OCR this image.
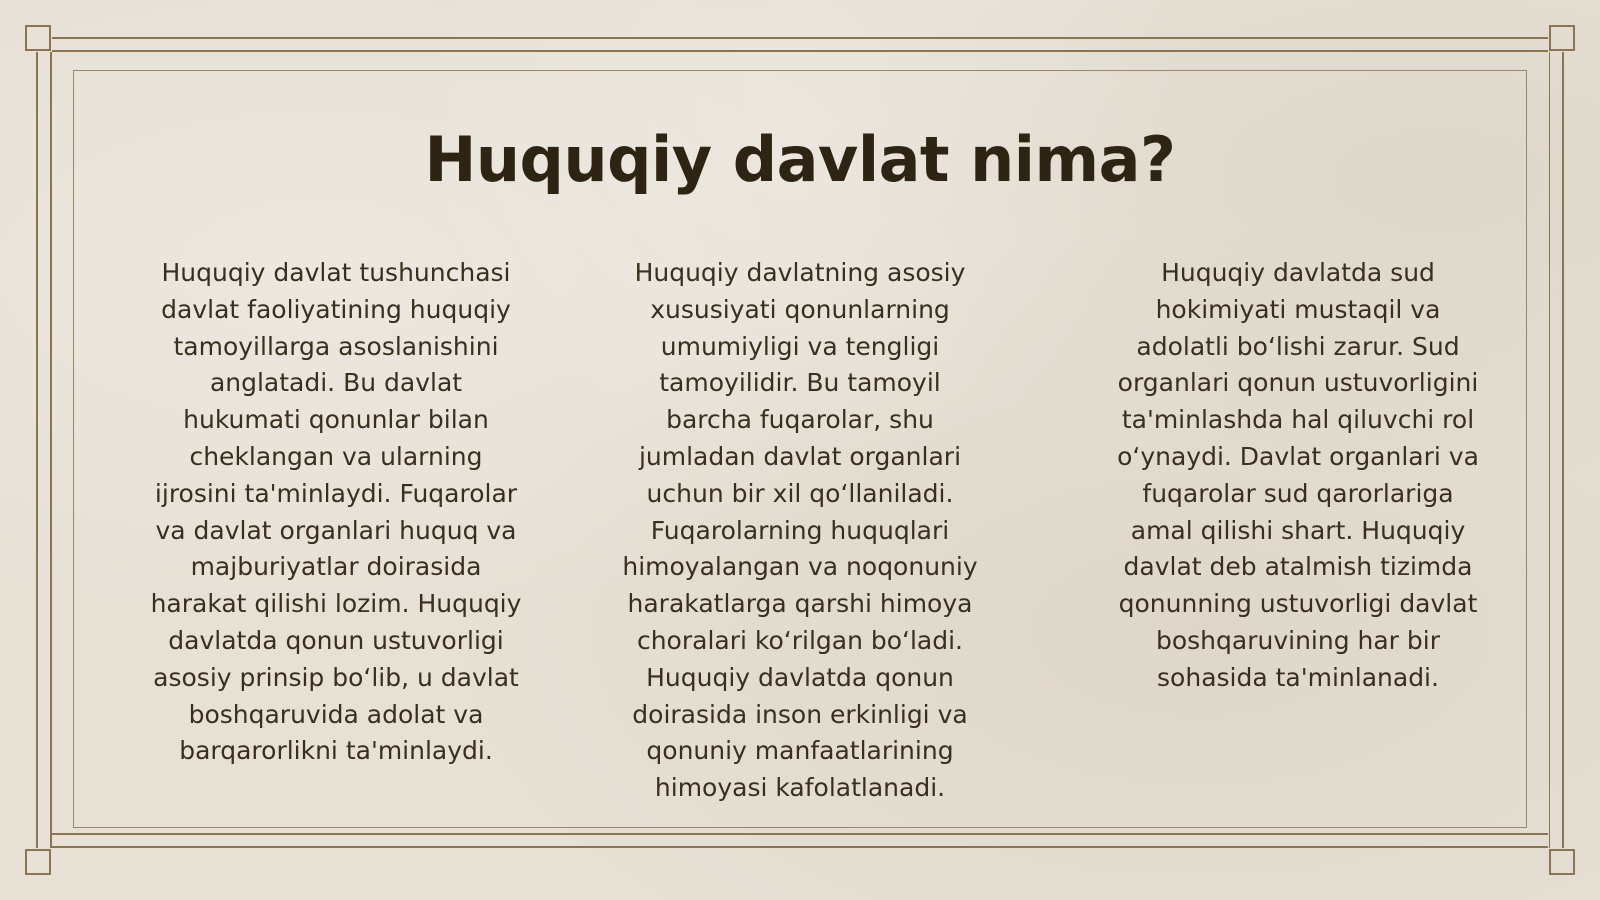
Huquqiy davlat nima?

Huquqiy davlat tushunchasi davlat faoliyatining huquqiy tamoyillarga asoslanishini anglatadi. Bu davlat hukumati qonunlar bilan cheklangan va ularning ijrosini ta'minlaydi. Fuqarolar va davlat organlari huquq va majburiyatlar doirasida harakat qilishi lozim. Huquqiy davlatda qonun ustuvorligi asosiy prinsip boʻlib, u davlat boshqaruvida adolat va barqarorlikni ta'minlaydi.

Huquqiy davlatning asosiy xususiyati qonunlarning umumiyligi va tengligi tamoyilidir. Bu tamoyil barcha fuqarolar, shu jumladan davlat organlari uchun bir xil qoʻllaniladi. Fuqarolarning huquqlari himoyalangan va noqonuniy harakatlarga qarshi himoya choralari koʻrilgan boʻladi. Huquqiy davlatda qonun doirasida inson erkinligi va qonuniy manfaatlarining himoyasi kafolatlanadi.

Huquqiy davlatda sud hokimiyati mustaqil va adolatli boʻlishi zarur. Sud organlari qonun ustuvorligini ta'minlashda hal qiluvchi rol oʻynaydi. Davlat organlari va fuqarolar sud qarorlariga amal qilishi shart. Huquqiy davlat deb atalmish tizimda qonunning ustuvorligi davlat boshqaruvining har bir sohasida ta'minlanadi.
